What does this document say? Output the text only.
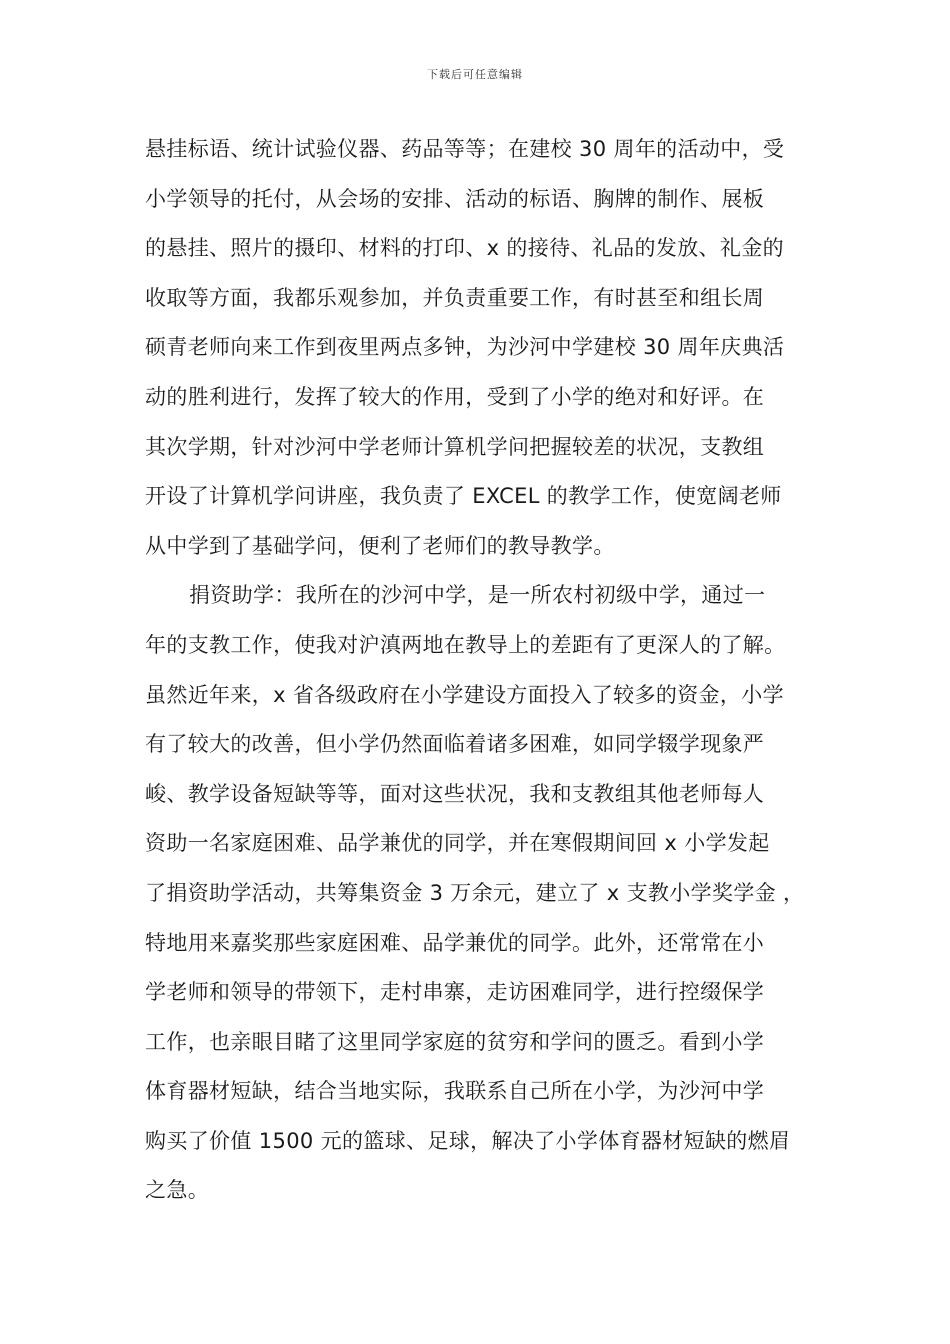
下载后可任意编辑
悬挂标语、统计试验仪器、药品等等；在建校 30 周年的活动中，受
小学领导的托付，从会场的安排、活动的标语、胸牌的制作、展板
的悬挂、照片的摄印、材料的打印、x 的接待、礼品的发放、礼金的
收取等方面，我都乐观参加，并负责重要工作，有时甚至和组长周
硕青老师向来工作到夜里两点多钟，为沙河中学建校 30 周年庆典活
动的胜利进行，发挥了较大的作用，受到了小学的绝对和好评。在
其次学期，针对沙河中学老师计算机学问把握较差的状况，支教组
开设了计算机学问讲座，我负责了 EXCEL 的教学工作，使宽阔老师
从中学到了基础学问，便利了老师们的教导教学。
捐资助学：我所在的沙河中学，是一所农村初级中学，通过一
年的支教工作，使我对沪滇两地在教导上的差距有了更深人的了解。
虽然近年来，x 省各级政府在小学建设方面投入了较多的资金，小学
有了较大的改善，但小学仍然面临着诸多困难，如同学辍学现象严
峻、教学设备短缺等等，面对这些状况，我和支教组其他老师每人
资助一名家庭困难、品学兼优的同学，并在寒假期间回 x 小学发起
了捐资助学活动，共筹集资金 3 万余元，建立了 x 支教小学奖学金 ，
特地用来嘉奖那些家庭困难、品学兼优的同学。此外，还常常在小
学老师和领导的带领下，走村串寨，走访困难同学，进行控缀保学
工作，也亲眼目睹了这里同学家庭的贫穷和学问的匮乏。看到小学
体育器材短缺，结合当地实际，我联系自己所在小学，为沙河中学
购买了价值 1500 元的篮球、足球，解决了小学体育器材短缺的燃眉
之急。
